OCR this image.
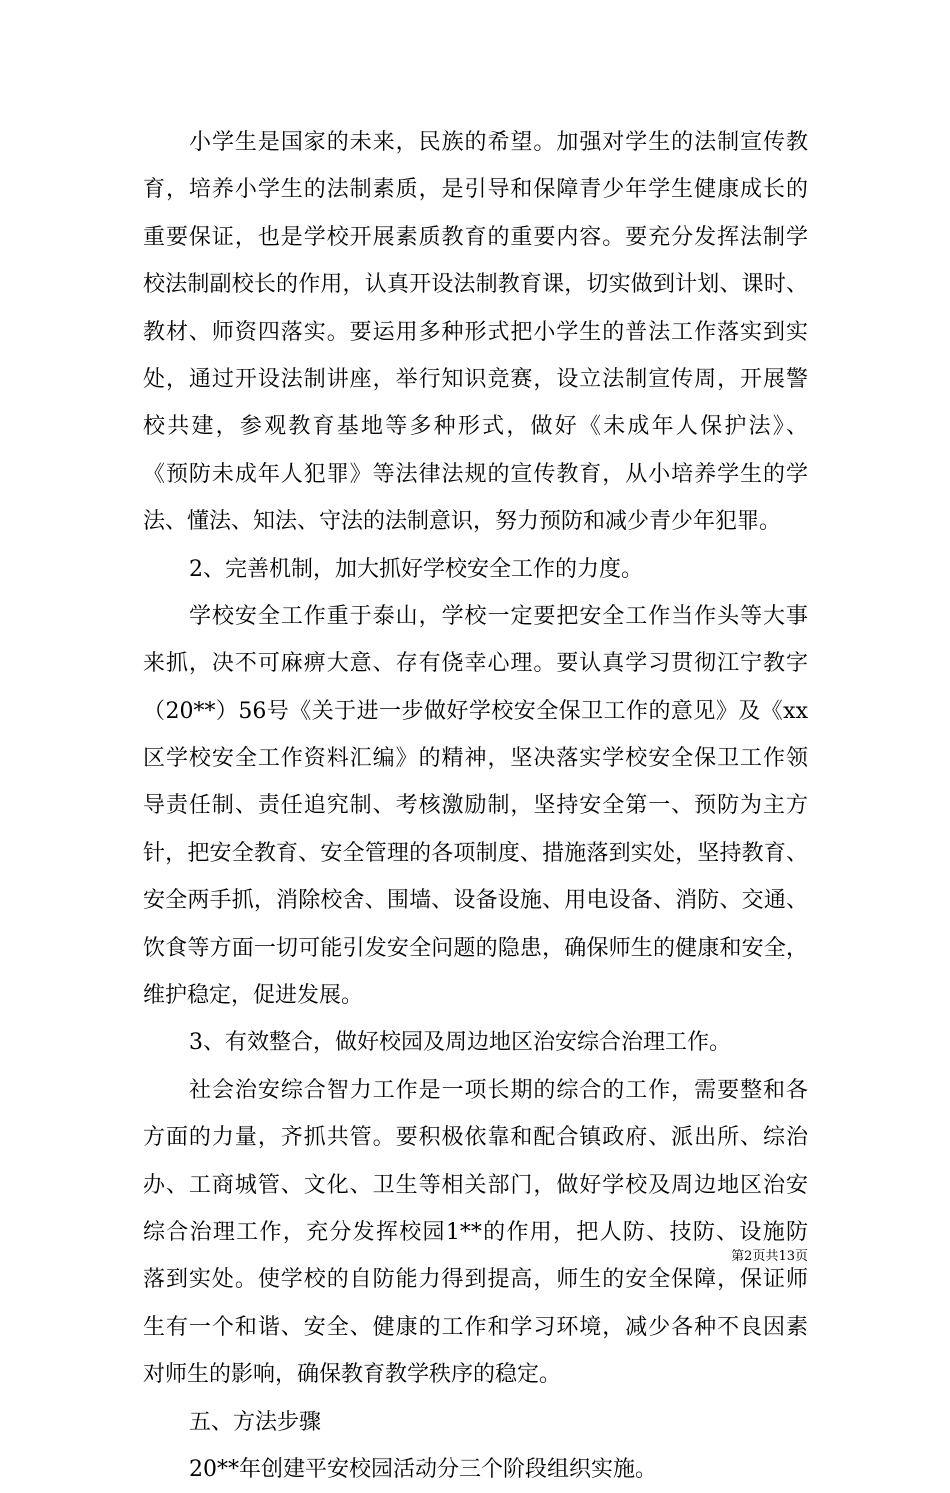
小学生是国家的未来，民族的希望。加强对学生的法制宣传教
育，培养小学生的法制素质，是引导和保障青少年学生健康成长的
重要保证，也是学校开展素质教育的重要内容。要充分发挥法制学
校法制副校长的作用，认真开设法制教育课，切实做到计划、课时、
教材、师资四落实。要运用多种形式把小学生的普法工作落实到实
处，通过开设法制讲座，举行知识竞赛，设立法制宣传周，开展警
校共建，参观教育基地等多种形式，做好《未成年人保护法》、
《预防未成年人犯罪》等法律法规的宣传教育，从小培养学生的学
法、懂法、知法、守法的法制意识，努力预防和减少青少年犯罪。
2、完善机制，加大抓好学校安全工作的力度。
学校安全工作重于泰山，学校一定要把安全工作当作头等大事
来抓，决不可麻痹大意、存有侥幸心理。要认真学习贯彻江宁教字
（20**）56号《关于进一步做好学校安全保卫工作的意见》及《xx
区学校安全工作资料汇编》的精神，坚决落实学校安全保卫工作领
导责任制、责任追究制、考核激励制，坚持安全第一、预防为主方
针，把安全教育、安全管理的各项制度、措施落到实处，坚持教育、
安全两手抓，消除校舍、围墙、设备设施、用电设备、消防、交通、
饮食等方面一切可能引发安全问题的隐患，确保师生的健康和安全，
维护稳定，促进发展。
3、有效整合，做好校园及周边地区治安综合治理工作。
社会治安综合智力工作是一项长期的综合的工作，需要整和各
方面的力量，齐抓共管。要积极依靠和配合镇政府、派出所、综治
办、工商城管、文化、卫生等相关部门，做好学校及周边地区治安
综合治理工作，充分发挥校园1**的作用，把人防、技防、设施防
落到实处。使学校的自防能力得到提高，师生的安全保障，保证师
生有一个和谐、安全、健康的工作和学习环境，减少各种不良因素
对师生的影响，确保教育教学秩序的稳定。
五、方法步骤
20**年创建平安校园活动分三个阶段组织实施。
第2页共13页
